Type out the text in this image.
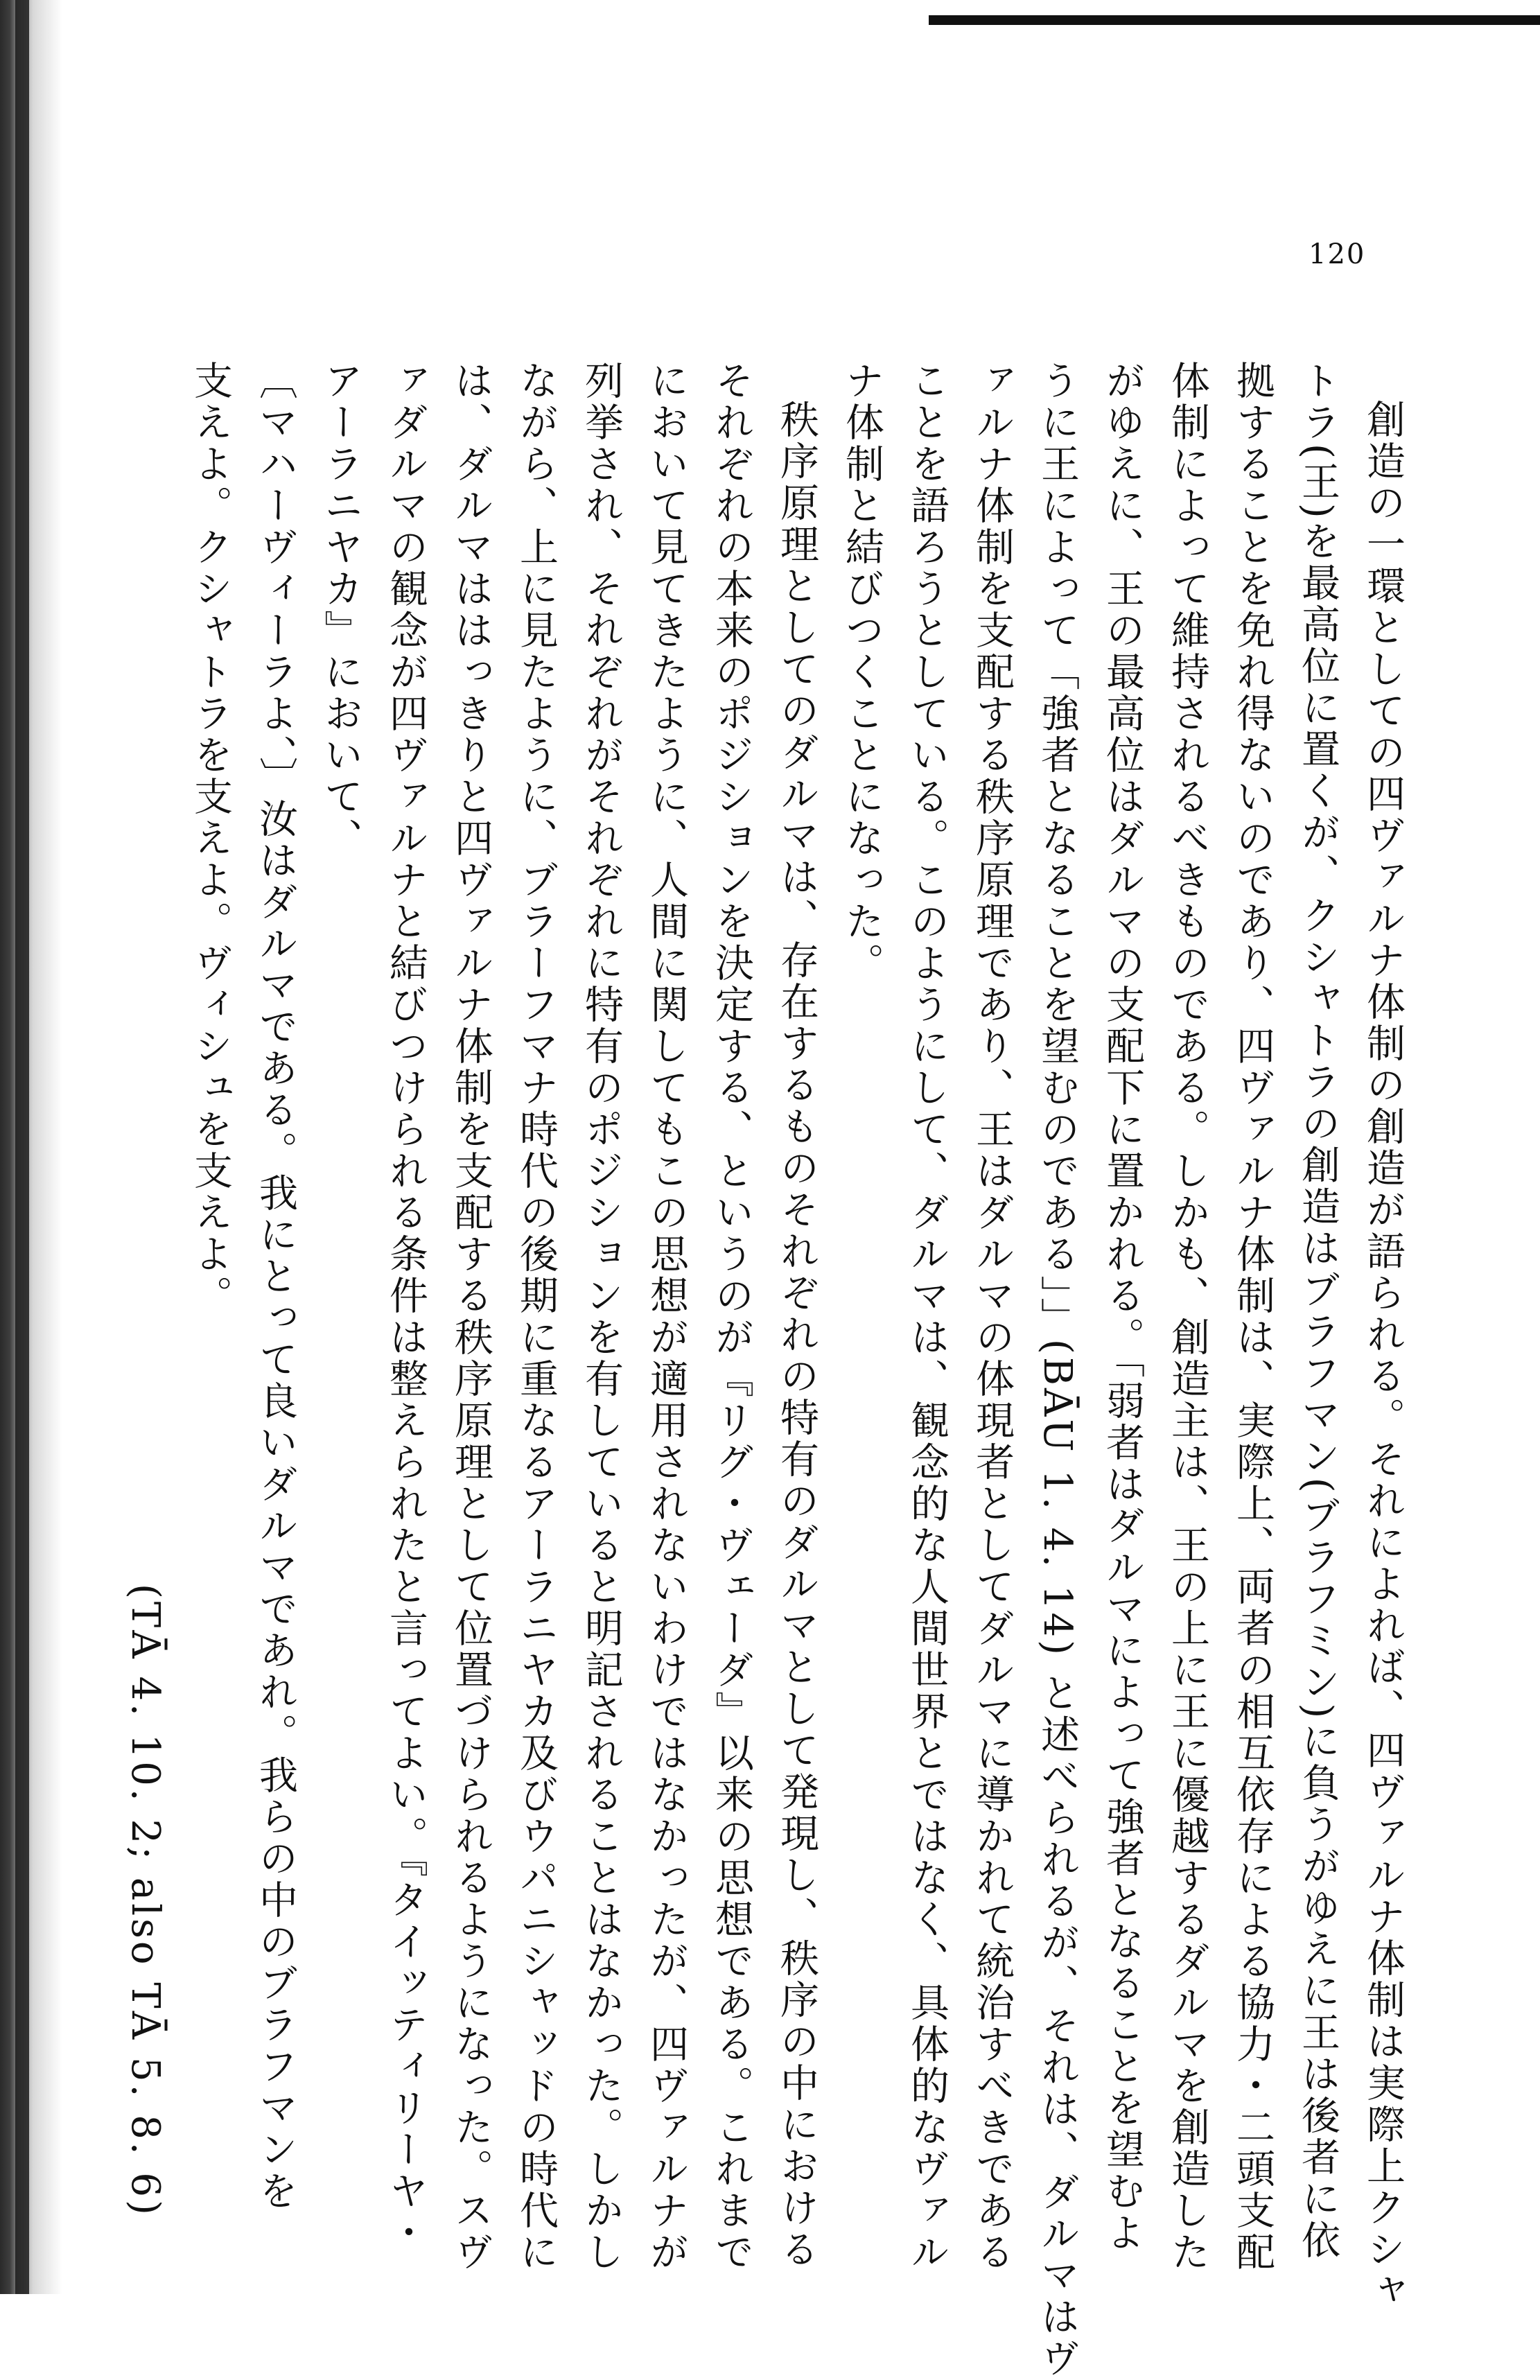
120

創造の一環としての四ヴァルナ体制の創造が語られる。それによれば、四ヴァルナ体制は実際上クシャ

トラ(王)を最高位に置くが、クシャトラの創造はブラフマン(ブラフミン)に負うがゆえに王は後者に依

拠することを免れ得ないのであり、四ヴァルナ体制は、実際上、両者の相互依存による協力・二頭支配

体制によって維持されるべきものである。しかも、創造主は、王の上に王に優越するダルマを創造した

がゆえに、王の最高位はダルマの支配下に置かれる。「弱者はダルマによって強者となることを望むよ

うに王によって「強者となることを望むのである」」(BĀU 1. 4. 14) と述べられるが、それは、ダルマはヴ

ァルナ体制を支配する秩序原理であり、王はダルマの体現者としてダルマに導かれて統治すべきである

ことを語ろうとしている。このようにして、ダルマは、観念的な人間世界とではなく、具体的なヴァル

ナ体制と結びつくことになった。

秩序原理としてのダルマは、存在するものそれぞれの特有のダルマとして発現し、秩序の中における

それぞれの本来のポジションを決定する、というのが『リグ・ヴェーダ』以来の思想である。これまで

において見てきたように、人間に関してもこの思想が適用されないわけではなかったが、四ヴァルナが

列挙され、それぞれがそれぞれに特有のポジションを有していると明記されることはなかった。しかし

ながら、上に見たように、ブラーフマナ時代の後期に重なるアーラニヤカ及びウパニシャッドの時代に

は、ダルマははっきりと四ヴァルナ体制を支配する秩序原理として位置づけられるようになった。スヴ

ァダルマの観念が四ヴァルナと結びつけられる条件は整えられたと言ってよい。『タイッティリーヤ・

アーラニヤカ』において、

〔マハーヴィーラよ、〕汝はダルマである。我にとって良いダルマであれ。我らの中のブラフマンを

支えよ。クシャトラを支えよ。ヴィシュを支えよ。

(TĀ 4. 10. 2; also TĀ 5. 8. 6)
